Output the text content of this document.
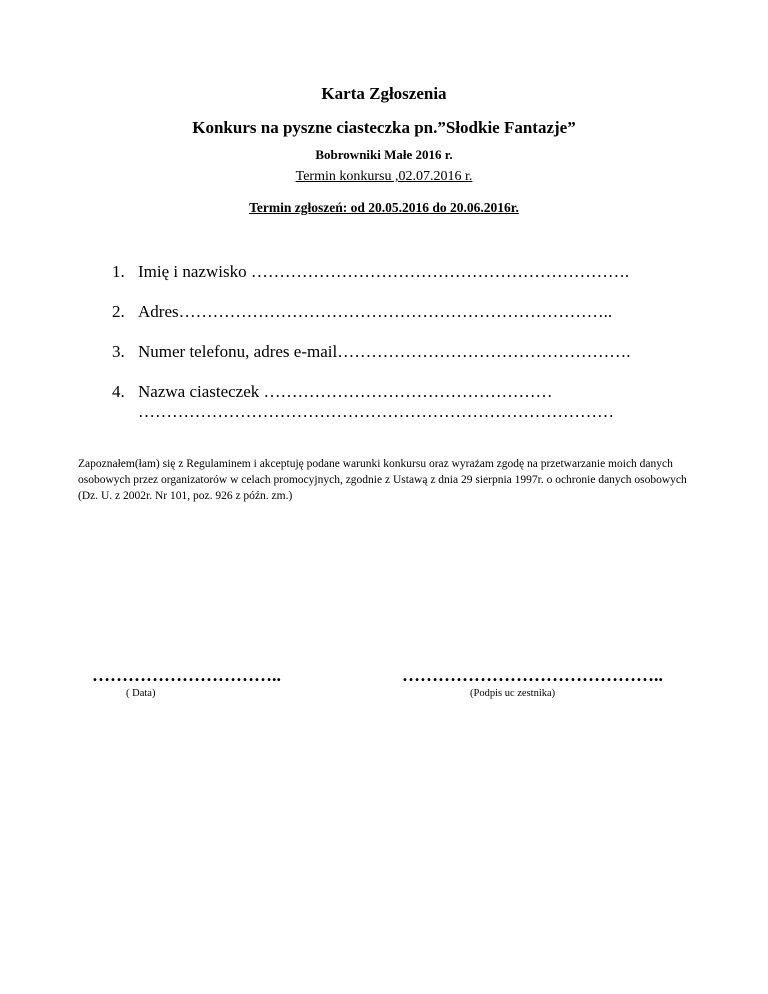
Karta Zgłoszenia
Konkurs na pyszne ciasteczka pn.”Słodkie Fantazje”
Bobrowniki Małe 2016 r.
Termin konkursu ,02.07.2016 r.
Termin zgłoszeń: od 20.05.2016 do 20.06.2016r.
1. Imię i nazwisko ………………………………………………………….
2. Adres…………………………………………………………………..
3. Numer telefonu, adres e-mail…………………………………………….
4. Nazwa ciasteczek ……………………………………………
…………………………………………………………………………
Zapoznałem(łam) się z Regulaminem i akceptuję podane warunki konkursu oraz wyrażam zgodę na przetwarzanie moich danych osobowych przez organizatorów w celach promocyjnych, zgodnie z Ustawą z dnia 29 sierpnia 1997r. o ochronie danych osobowych (Dz. U. z 2002r. Nr 101, poz. 926 z późn. zm.)
…………………………..	……………………………………..
( Data)	(Podpis uc zestnika)
